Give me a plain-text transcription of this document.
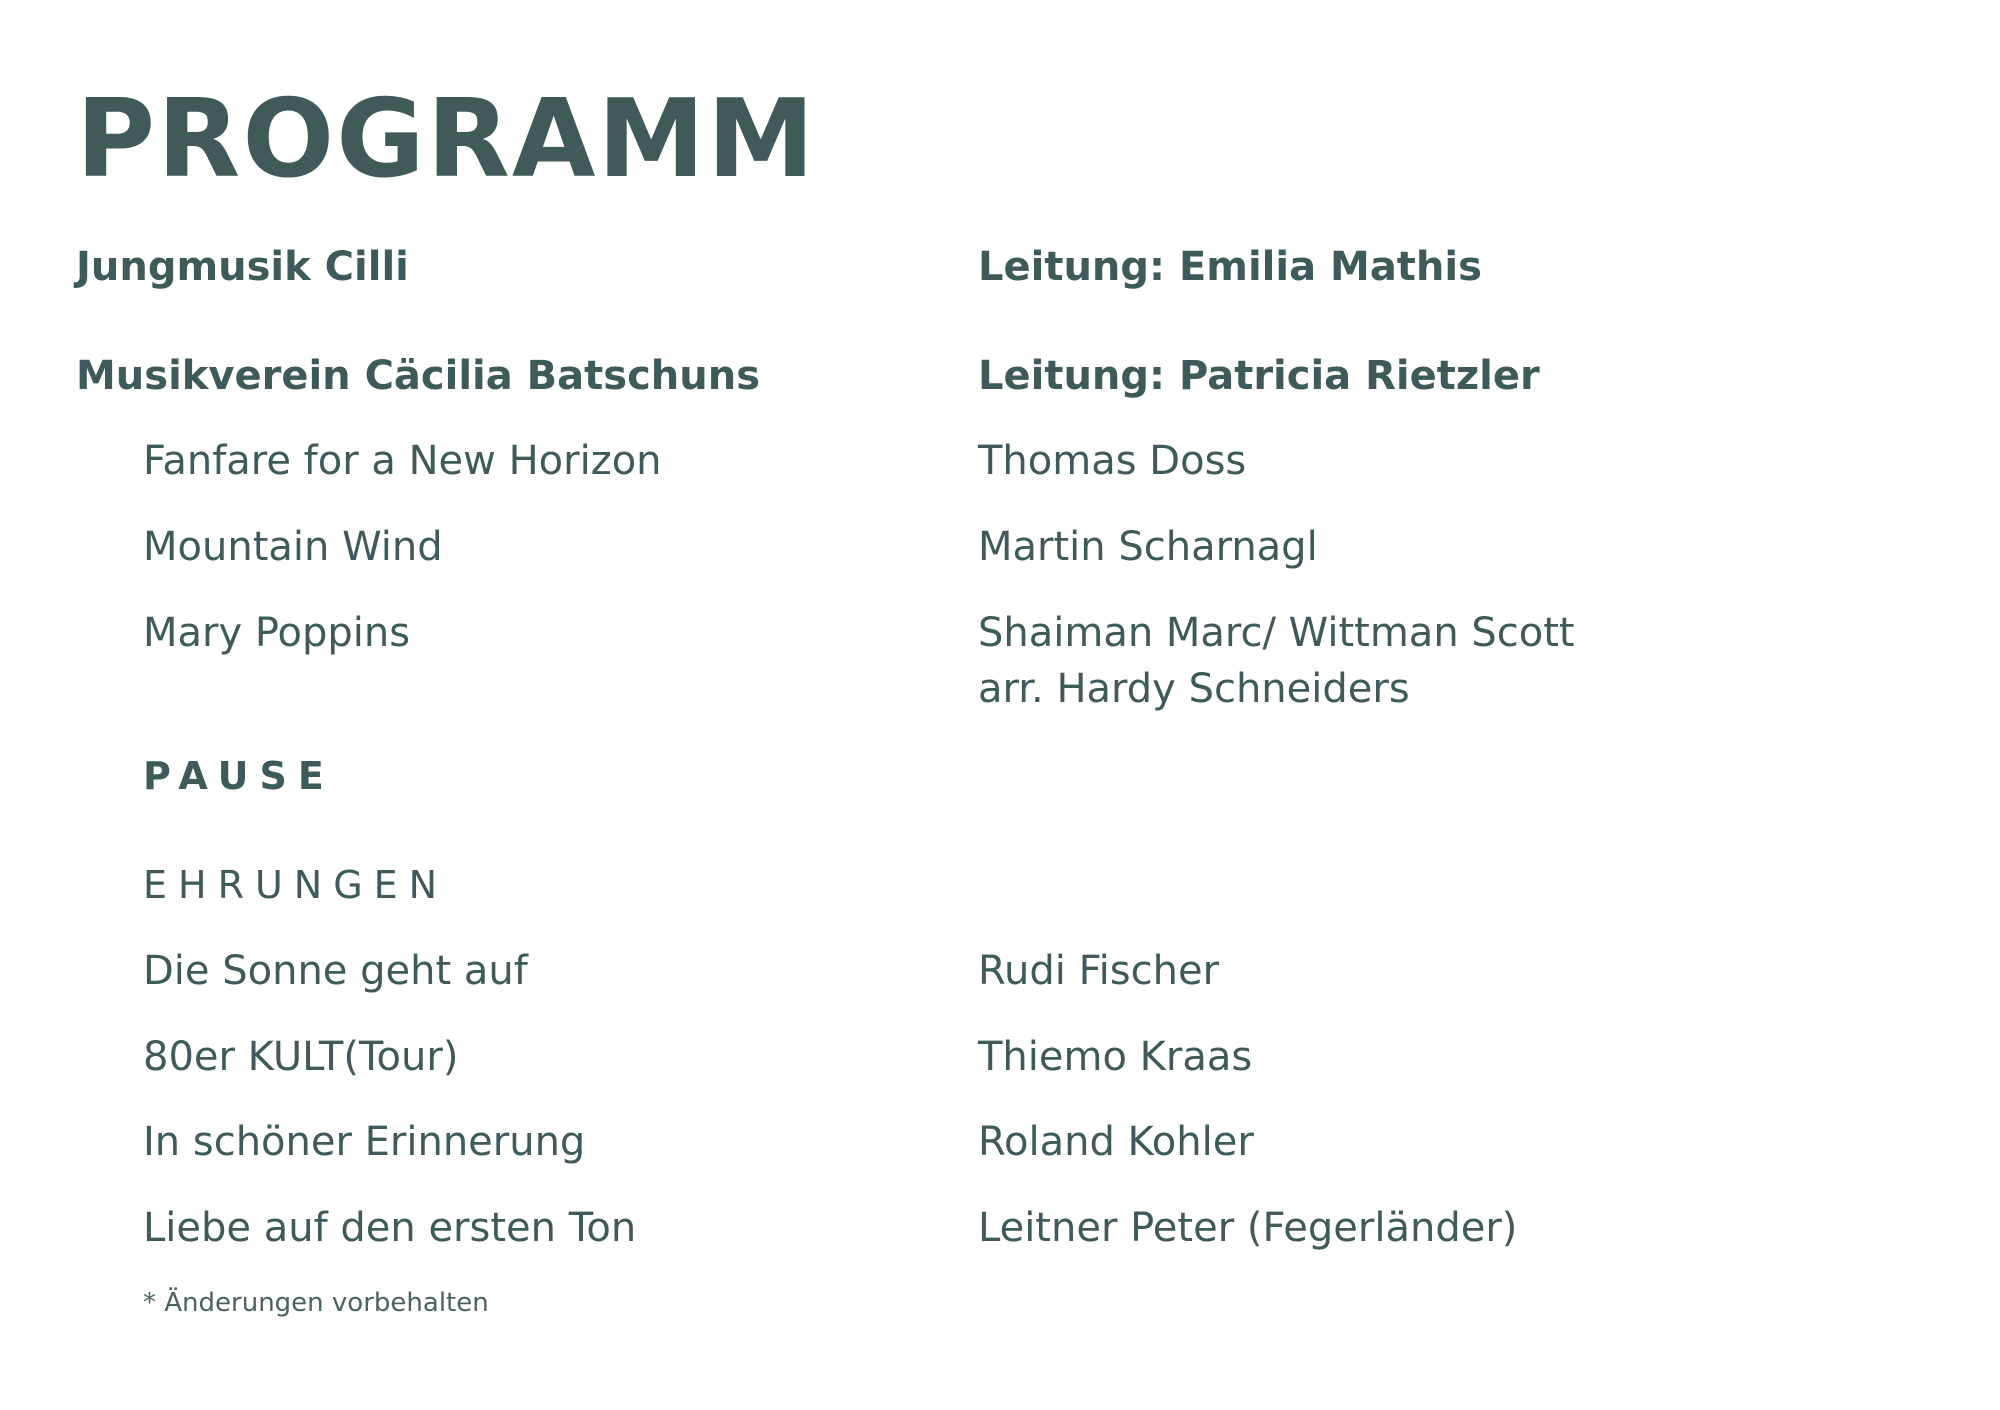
PROGRAMM
Jungmusik Cilli	Leitung: Emilia Mathis
Musikverein Cäcilia Batschuns	Leitung: Patricia Rietzler
Fanfare for a New Horizon	Thomas Doss
Mountain Wind	Martin Scharnagl
Mary Poppins	Shaiman Marc/ Wittman Scott
arr. Hardy Schneiders
PAUSE
EHRUNGEN
Die Sonne geht auf	Rudi Fischer
80er KULT(Tour)	Thiemo Kraas
In schöner Erinnerung	Roland Kohler
Liebe auf den ersten Ton	Leitner Peter (Fegerländer)
* Änderungen vorbehalten
